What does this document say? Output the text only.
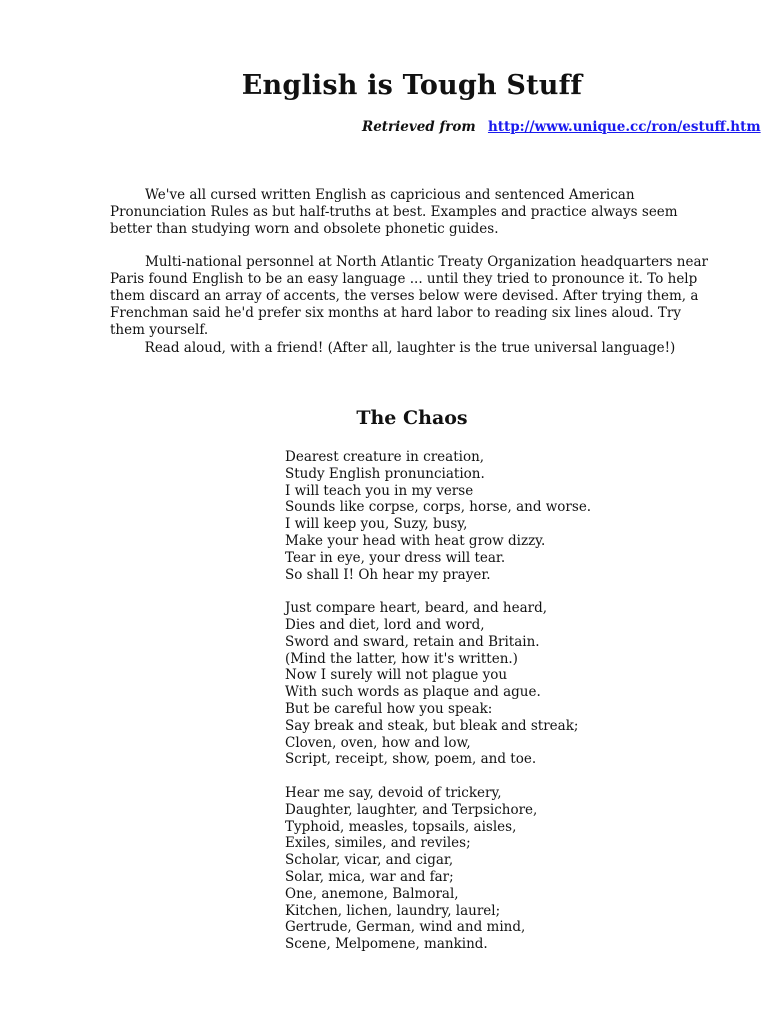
English is Tough Stuff
Retrieved from http://www.unique.cc/ron/estuff.htm

We've all cursed written English as capricious and sentenced American Pronunciation Rules as but half-truths at best. Examples and practice always seem better than studying worn and obsolete phonetic guides.

Multi-national personnel at North Atlantic Treaty Organization headquarters near Paris found English to be an easy language ... until they tried to pronounce it. To help them discard an array of accents, the verses below were devised. After trying them, a Frenchman said he'd prefer six months at hard labor to reading six lines aloud. Try them yourself.

Read aloud, with a friend! (After all, laughter is the true universal language!)

The Chaos
Dearest creature in creation,
Study English pronunciation.
I will teach you in my verse
Sounds like corpse, corps, horse, and worse.
I will keep you, Suzy, busy,
Make your head with heat grow dizzy.
Tear in eye, your dress will tear.
So shall I! Oh hear my prayer.
Just compare heart, beard, and heard,
Dies and diet, lord and word,
Sword and sward, retain and Britain.
(Mind the latter, how it's written.)
Now I surely will not plague you
With such words as plaque and ague.
But be careful how you speak:
Say break and steak, but bleak and streak;
Cloven, oven, how and low,
Script, receipt, show, poem, and toe.
Hear me say, devoid of trickery,
Daughter, laughter, and Terpsichore,
Typhoid, measles, topsails, aisles,
Exiles, similes, and reviles;
Scholar, vicar, and cigar,
Solar, mica, war and far;
One, anemone, Balmoral,
Kitchen, lichen, laundry, laurel;
Gertrude, German, wind and mind,
Scene, Melpomene, mankind.
